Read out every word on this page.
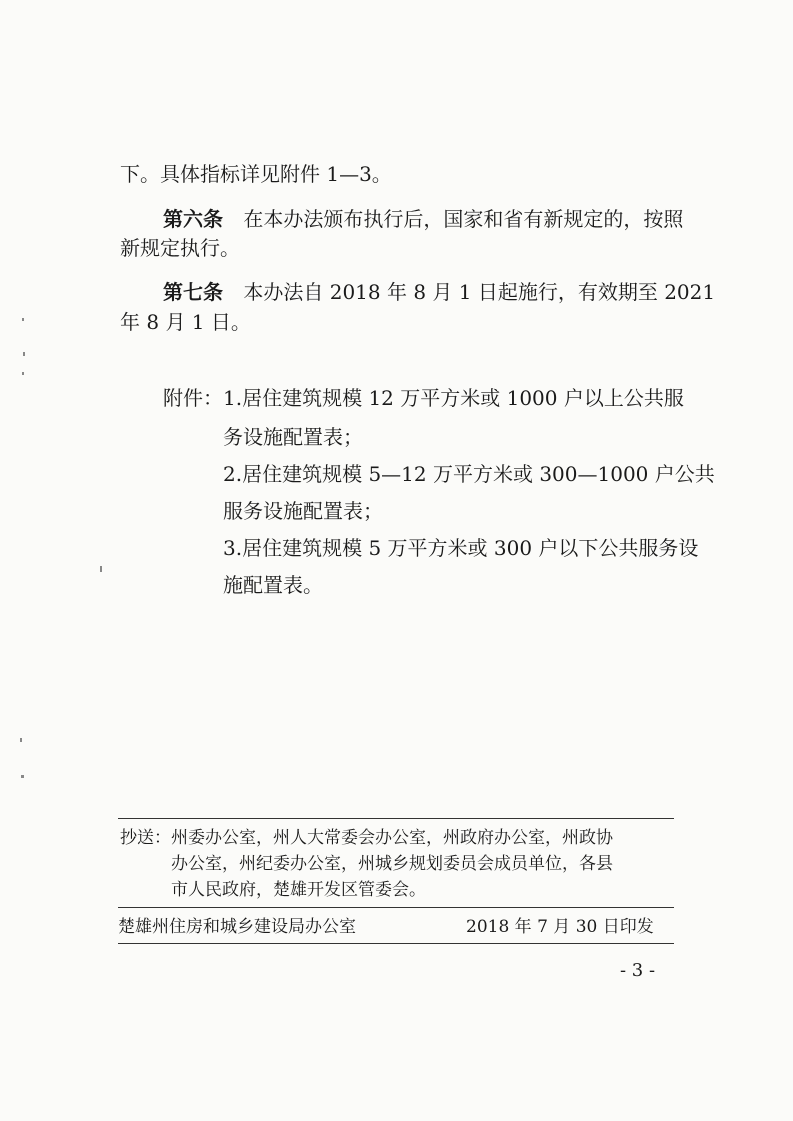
下。具体指标详见附件 1—3。
第六条 在本办法颁布执行后，国家和省有新规定的，按照
新规定执行。
第七条 本办法自 2018 年 8 月 1 日起施行，有效期至 2021
年 8 月 1 日。
附件：1.居住建筑规模 12 万平方米或 1000 户以上公共服
务设施配置表；
2.居住建筑规模 5—12 万平方米或 300—1000 户公共
服务设施配置表；
3.居住建筑规模 5 万平方米或 300 户以下公共服务设
施配置表。
抄送：州委办公室，州人大常委会办公室，州政府办公室，州政协
办公室，州纪委办公室，州城乡规划委员会成员单位，各县
市人民政府，楚雄开发区管委会。
楚雄州住房和城乡建设局办公室	2018 年 7 月 30 日印发
- 3 -
